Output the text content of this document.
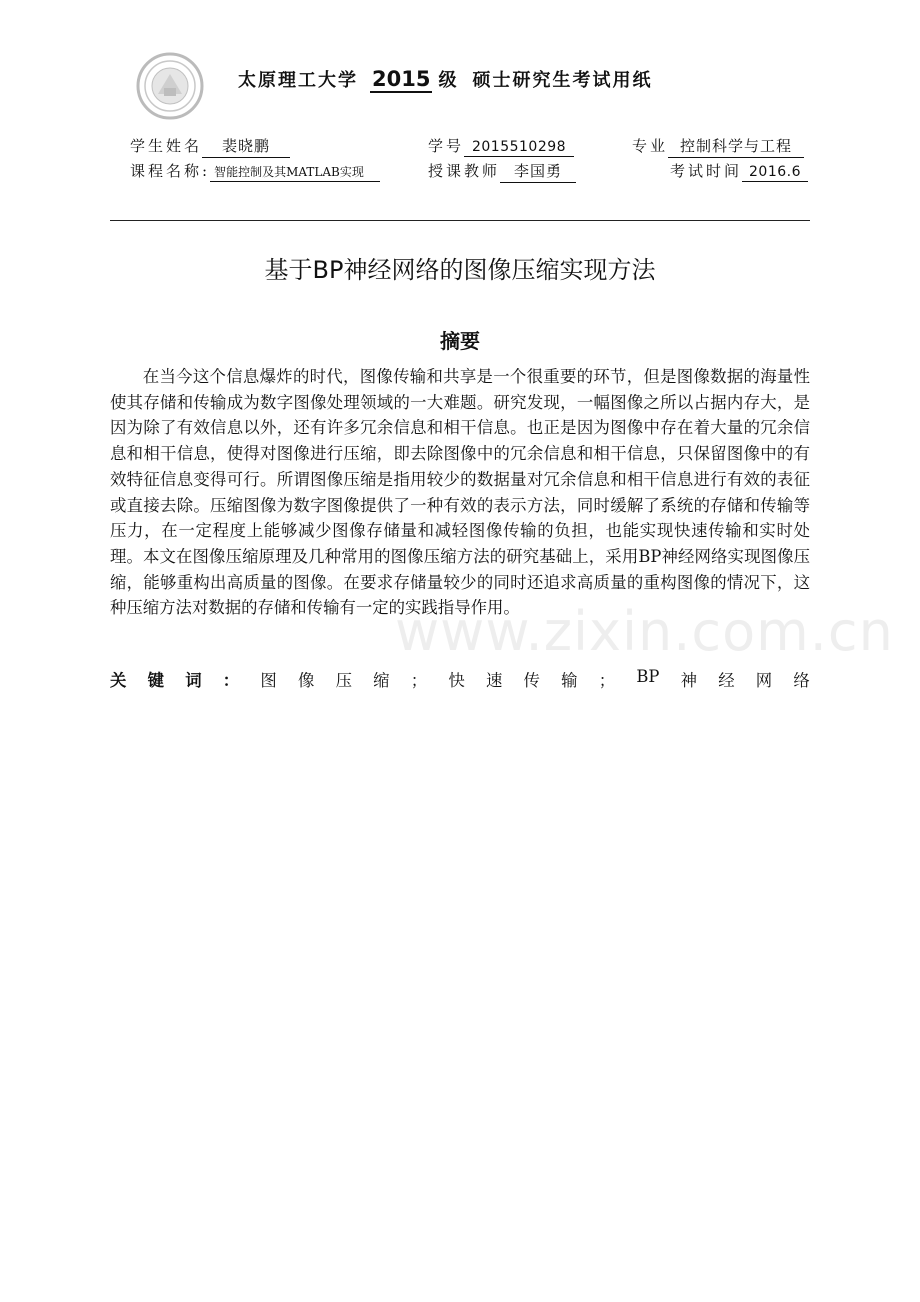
太原理工大学 2015 级 硕士研究生考试用纸
学生姓名	裴晓鹏	学号 2015510298	专业 控制科学与工程
课程名称: 智能控制及其MATLAB实现	授课教师 李国勇	考试时间 2016.6
基于BP神经网络的图像压缩实现方法
摘要
在当今这个信息爆炸的时代，图像传输和共享是一个很重要的环节，但是图像数据的海量性使其存储和传输成为数字图像处理领域的一大难题。研究发现，一幅图像之所以占据内存大，是因为除了有效信息以外，还有许多冗余信息和相干信息。也正是因为图像中存在着大量的冗余信息和相干信息，使得对图像进行压缩，即去除图像中的冗余信息和相干信息，只保留图像中的有效特征信息变得可行。所谓图像压缩是指用较少的数据量对冗余信息和相干信息进行有效的表征或直接去除。压缩图像为数字图像提供了一种有效的表示方法，同时缓解了系统的存储和传输等压力，在一定程度上能够减少图像存储量和减轻图像传输的负担，也能实现快速传输和实时处理。本文在图像压缩原理及几种常用的图像压缩方法的研究基础上，采用BP神经网络实现图像压缩，能够重构出高质量的图像。在要求存储量较少的同时还追求高质量的重构图像的情况下，这种压缩方法对数据的存储和传输有一定的实践指导作用。
关 键 词 ： 图 像 压 缩 ； 快 速 传 输 ； BP 神 经 网 络
www.zixin.com.cn
